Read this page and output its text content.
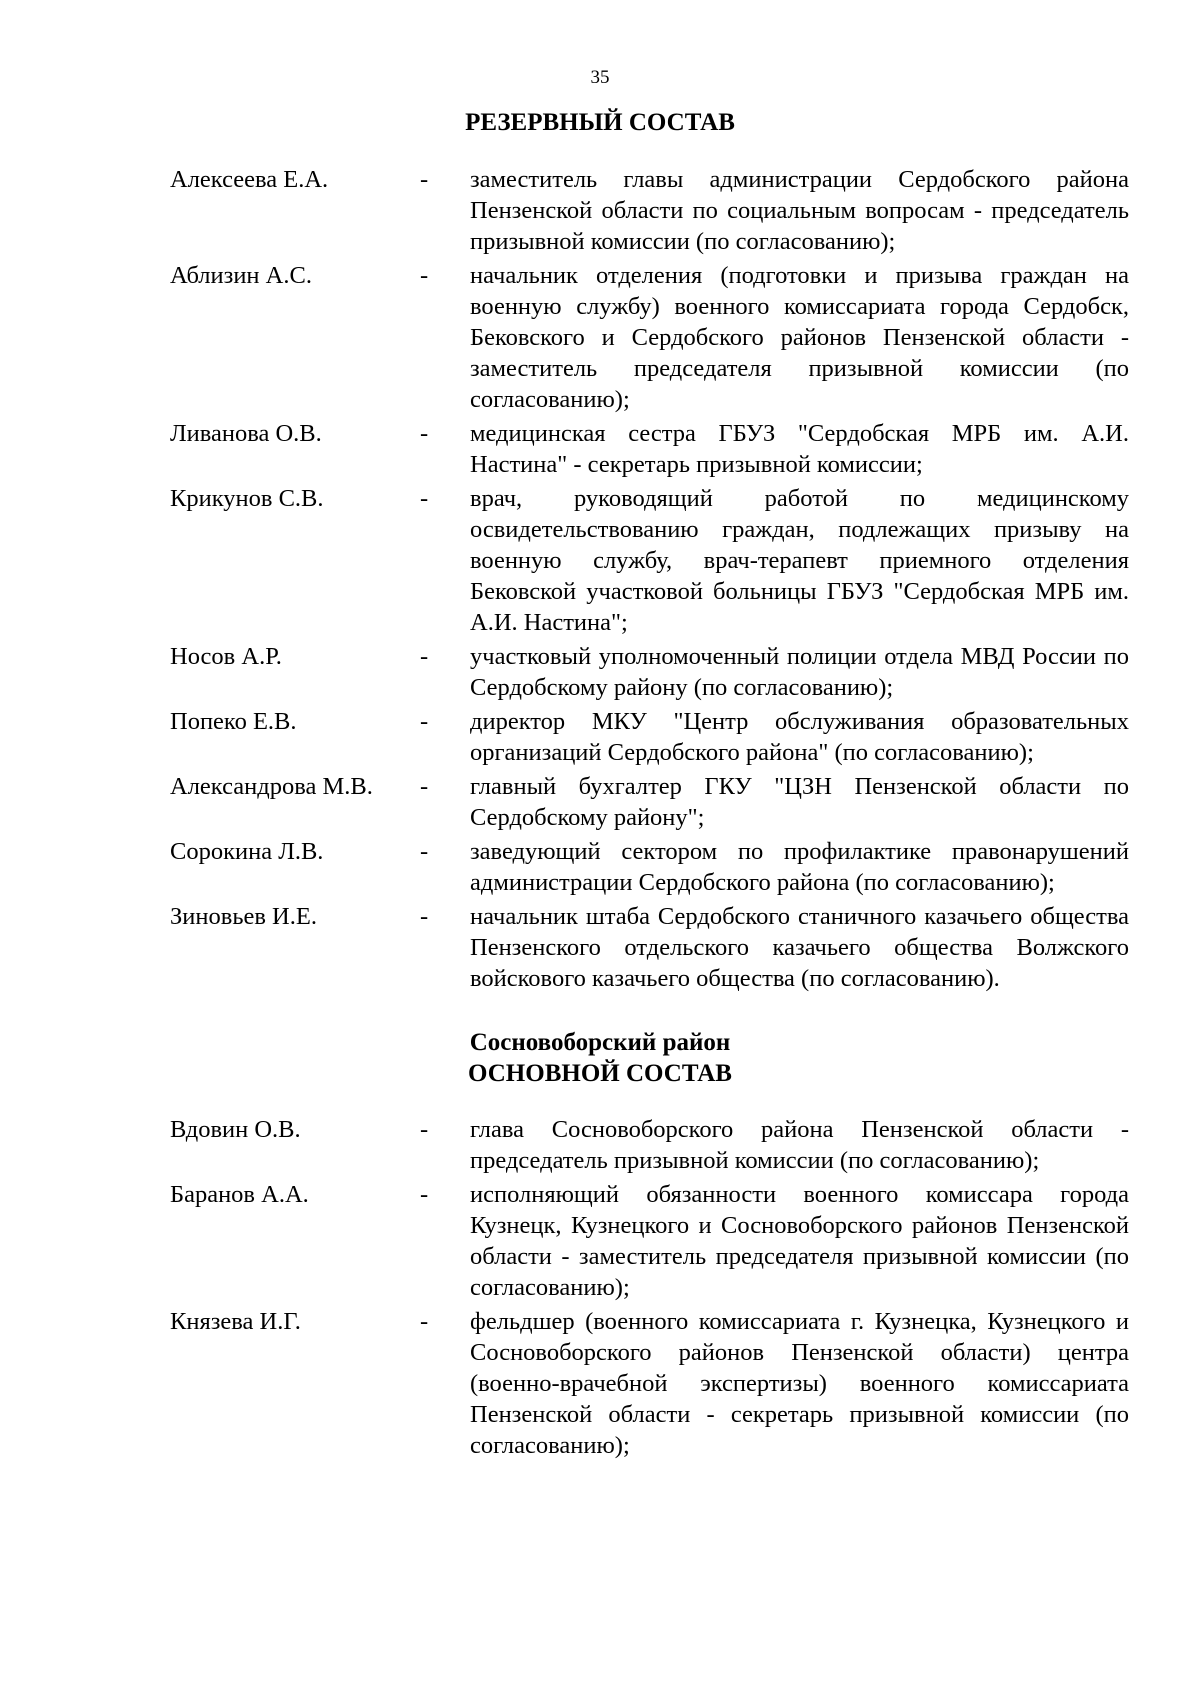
35
РЕЗЕРВНЫЙ СОСТАВ
Алексеева Е.А.	-	заместитель главы администрации Сердобского района Пензенской области по социальным вопросам - председатель призывной комиссии (по согласованию);
Аблизин А.С.	-	начальник отделения (подготовки и призыва граждан на военную службу) военного комиссариата города Сердобск, Бековского и Сердобского районов Пензенской области - заместитель председателя призывной комиссии (по согласованию);
Ливанова О.В.	-	медицинская сестра ГБУЗ "Сердобская МРБ им. А.И. Настина" - секретарь призывной комиссии;
Крикунов С.В.	-	врач, руководящий работой по медицинскому освидетельствованию граждан, подлежащих призыву на военную службу, врач-терапевт приемного отделения Бековской участковой больницы ГБУЗ "Сердобская МРБ им. А.И. Настина";
Носов А.Р.	-	участковый уполномоченный полиции отдела МВД России по Сердобскому району (по согласованию);
Попеко Е.В.	-	директор МКУ "Центр обслуживания образовательных организаций Сердобского района" (по согласованию);
Александрова М.В.	-	главный бухгалтер ГКУ "ЦЗН Пензенской области по Сердобскому району";
Сорокина Л.В.	-	заведующий сектором по профилактике правонарушений администрации Сердобского района (по согласованию);
Зиновьев И.Е.	-	начальник штаба Сердобского станичного казачьего общества Пензенского отдельского казачьего общества Волжского войскового казачьего общества (по согласованию).
Сосновоборский район
ОСНОВНОЙ СОСТАВ
Вдовин О.В.	-	глава Сосновоборского района Пензенской области - председатель призывной комиссии (по согласованию);
Баранов А.А.	-	исполняющий обязанности военного комиссара города Кузнецк, Кузнецкого и Сосновоборского районов Пензенской области - заместитель председателя призывной комиссии (по согласованию);
Князева И.Г.	-	фельдшер (военного комиссариата г. Кузнецка, Кузнецкого и Сосновоборского районов Пензенской области) центра (военно-врачебной экспертизы) военного комиссариата Пензенской области - секретарь призывной комиссии (по согласованию);
